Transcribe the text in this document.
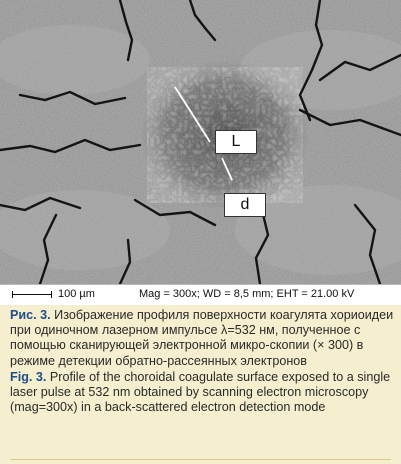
L
d
100 µm	Mag = 300x; WD = 8,5 mm; EHT = 21.00 kV

Рис. 3. Изображение профиля поверхности коагулята хориоидеи при одиночном лазерном импульсе λ=532 нм, полученное с помощью сканирующей электронной микро-скопии (× 300) в режиме детекции обратно-рассеянных электронов

Fig. 3. Profile of the choroidal coagulate surface exposed to a single laser pulse at 532 nm obtained by scanning electron microscopy (mag=300x) in a back-scattered electron detection mode
